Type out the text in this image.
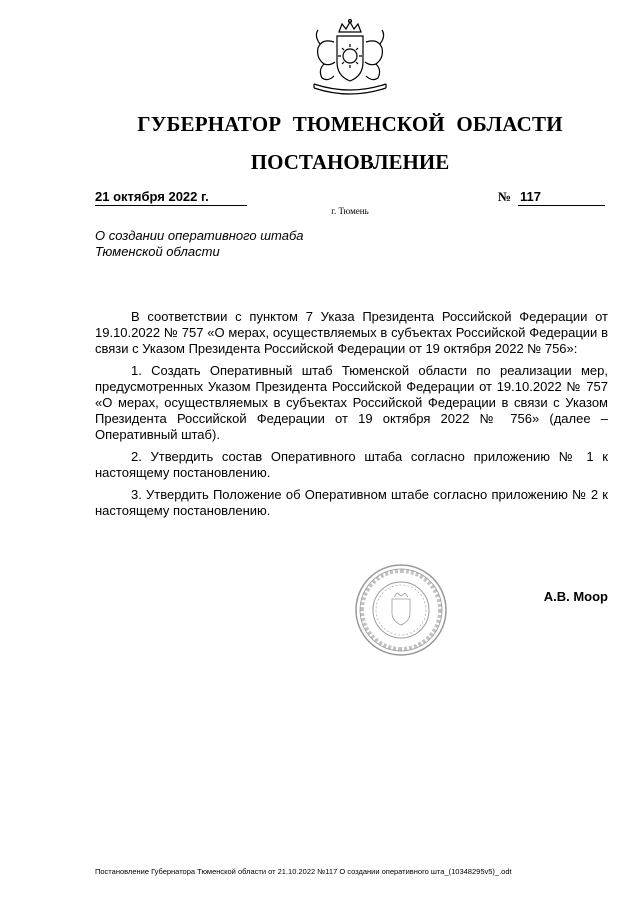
ГУБЕРНАТОР ТЮМЕНСКОЙ ОБЛАСТИ
ПОСТАНОВЛЕНИЕ
21 октября 2022 г.	№ 117
г. Тюмень
О создании оперативного штаба
Тюменской области

В соответствии с пунктом 7 Указа Президента Российской Федерации от 19.10.2022 № 757 «О мерах, осуществляемых в субъектах Российской Федерации в связи с Указом Президента Российской Федерации от 19 октября 2022 № 756»:

1. Создать Оперативный штаб Тюменской области по реализации мер, предусмотренных Указом Президента Российской Федерации от 19.10.2022 № 757 «О мерах, осуществляемых в субъектах Российской Федерации в связи с Указом Президента Российской Федерации от 19 октября 2022 № 756» (далее – Оперативный штаб).

2. Утвердить состав Оперативного штаба согласно приложению № 1 к настоящему постановлению.

3. Утвердить Положение об Оперативном штабе согласно приложению № 2 к настоящему постановлению.

А.В. Моор
Постановление Губернатора Тюменской области от 21.10.2022 №117 О создании оперативного шта_(10348295v5)_.odt
